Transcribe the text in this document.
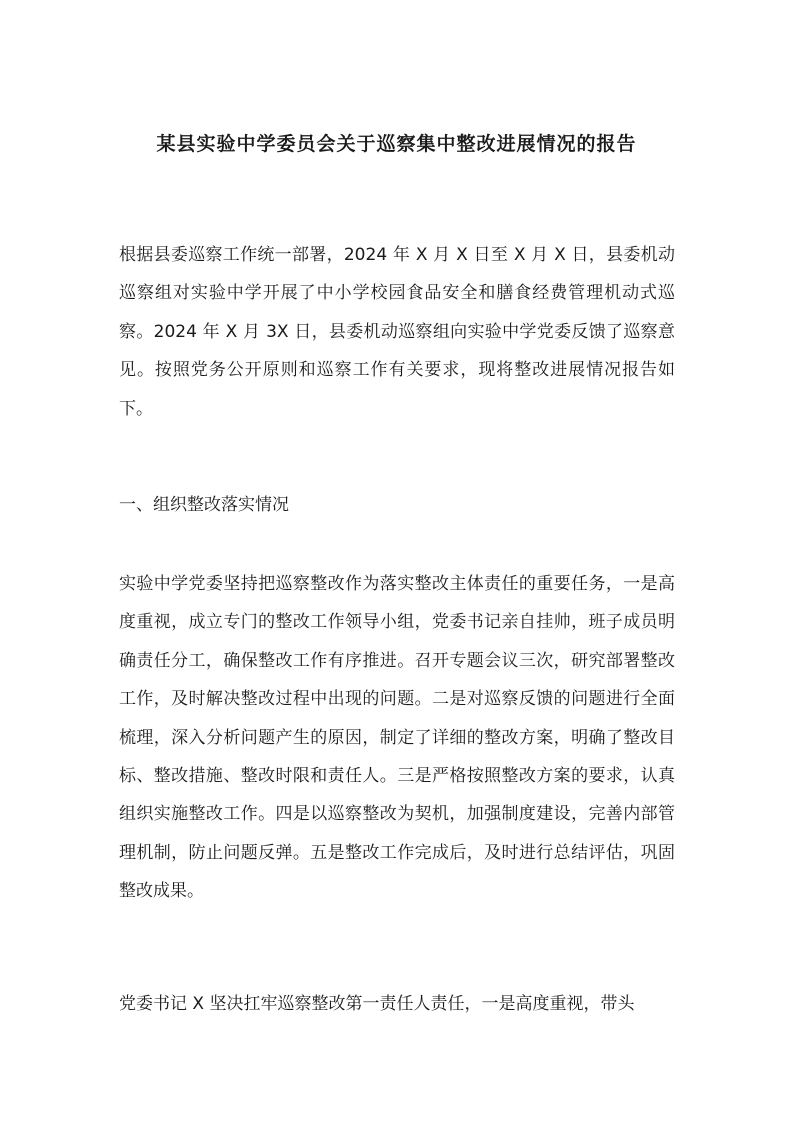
某县实验中学委员会关于巡察集中整改进展情况的报告

根据县委巡察工作统一部署，2024 年 X 月 X 日至 X 月 X 日，县委机动巡察组对实验中学开展了中小学校园食品安全和膳食经费管理机动式巡察。2024 年 X 月 3X 日，县委机动巡察组向实验中学党委反馈了巡察意见。按照党务公开原则和巡察工作有关要求，现将整改进展情况报告如下。

一、组织整改落实情况

实验中学党委坚持把巡察整改作为落实整改主体责任的重要任务，一是高度重视，成立专门的整改工作领导小组，党委书记亲自挂帅，班子成员明确责任分工，确保整改工作有序推进。召开专题会议三次，研究部署整改工作，及时解决整改过程中出现的问题。二是对巡察反馈的问题进行全面梳理，深入分析问题产生的原因，制定了详细的整改方案，明确了整改目标、整改措施、整改时限和责任人。三是严格按照整改方案的要求，认真组织实施整改工作。四是以巡察整改为契机，加强制度建设，完善内部管理机制，防止问题反弹。五是整改工作完成后，及时进行总结评估，巩固整改成果。

党委书记 X 坚决扛牢巡察整改第一责任人责任，一是高度重视，带头
